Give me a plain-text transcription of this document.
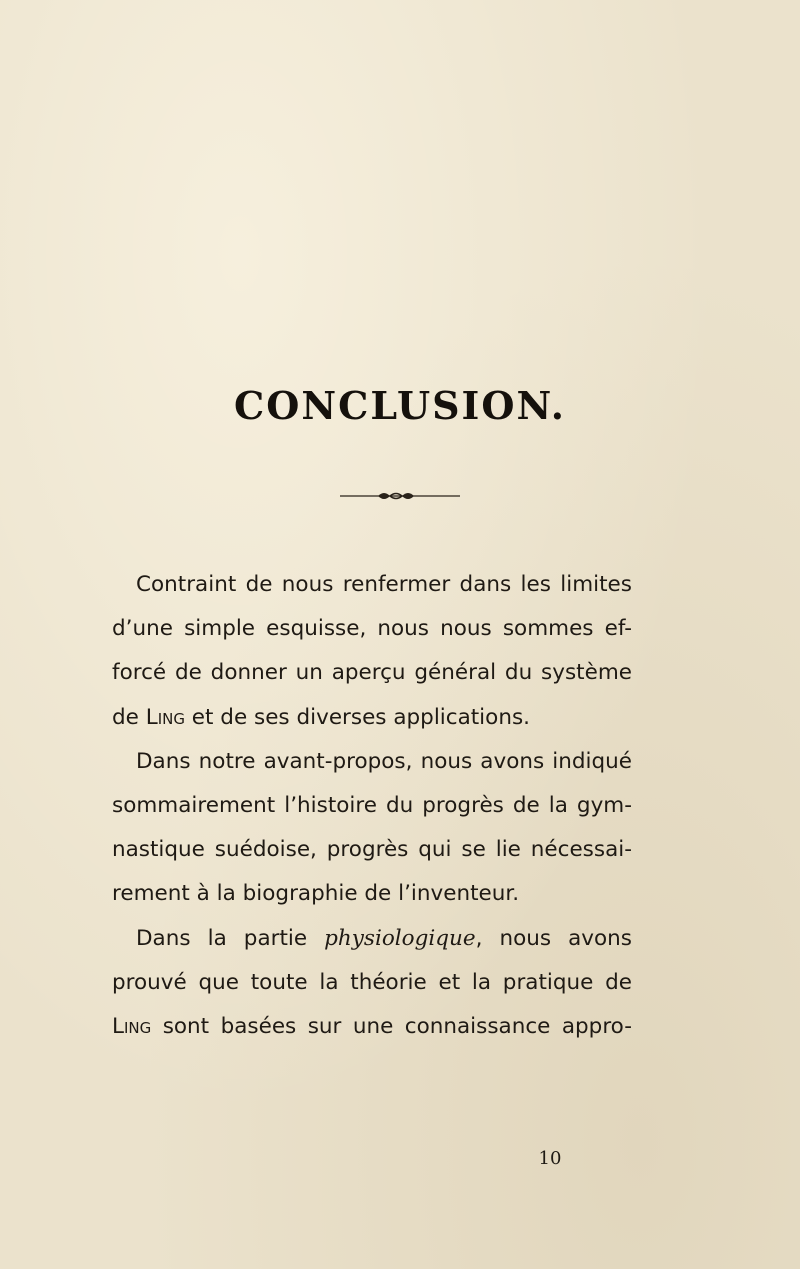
CONCLUSION.
Contraint de nous renfermer dans les limites
d’une simple esquisse, nous nous sommes ef-
forcé de donner un aperçu général du système
de Ling et de ses diverses applications.
Dans notre avant-propos, nous avons indiqué
sommairement l’histoire du progrès de la gym-
nastique suédoise, progrès qui se lie nécessai-
rement à la biographie de l’inventeur.
Dans la partie physiologique, nous avons
prouvé que toute la théorie et la pratique de
Ling sont basées sur une connaissance appro-
10
